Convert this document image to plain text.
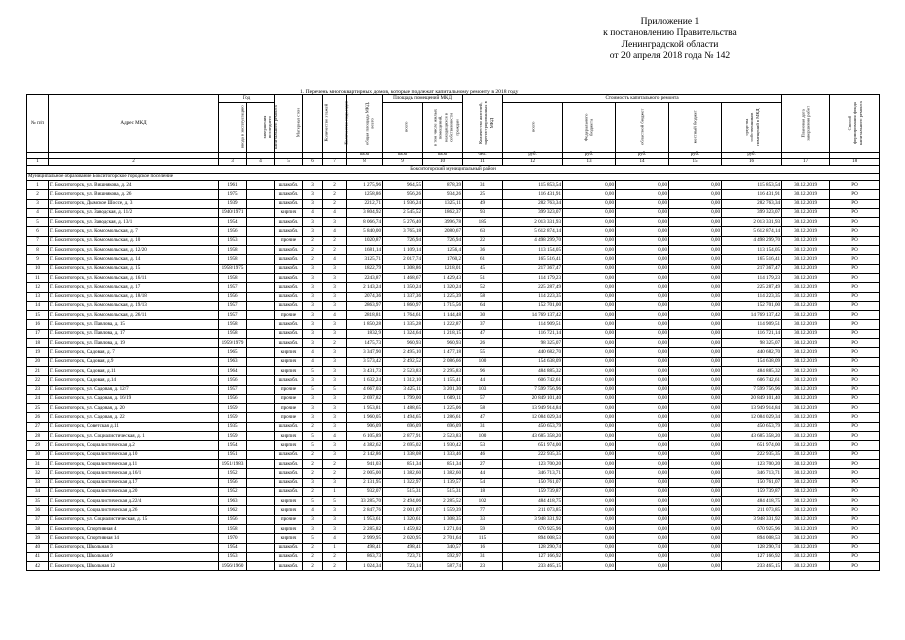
Приложение 1
к постановлению Правительства
Ленинградской области
от 20 апреля 2018 года № 142
1. Перечень многоквартирных домов, которые подлежат капитальному ремонту в 2018 году
№ п/п	Адрес МКД	Год		Материал стен	Количество этажей	Количество подъездов	общая площадь МКД, всего	Площадь помещений МКД		Количество жителей, зарегистрированных в МКД	Стоимость капитального ремонта					Плановая дата завершения работ	Способ формирования фонда капитального ремонта
		ввода в эксплуатацию	завершения последнего капитального ремонта					всего	в том числе жилых помещений, находящихся в собственности граждан		всего	Федерального бюджета	областной бюджет	местный бюджет	средства собственников помещений в МКД		
							кв.м	кв.м	кв.м	чел.	руб.	руб.	руб.	руб.	руб.		
1	2	3	4	5	6	7	8	9	10	11	12	13	14	15	16	17	18
Бокситогорский муниципальный район																	
Муниципальное образование Бокситогорское городское поселение																	
1	Г. Бокситогорск, ул. Вишнякова, д. 24	1961		шлакобл.	3	2	1 275,96	964,55	878,39	31	115 853,54	0,00	0,00	0,00	115 853,54	30.12.2019	РО
2	Г. Бокситогорск, ул. Вишнякова, д. 26	1975		шлакобл.	3	2	1258,86	956,26	934,26	25	116 431,91	0,00	0,00	0,00	116 431,91	30.12.2019	РО
3	Г. Бокситогорск, Дымское Шоссе, д. 3	1939		шлакобл.	3	2	2212,71	1 936,24	1325,11	49	282 763,34	0,00	0,00	0,00	282 763,34	30.12.2019	РО
4	Г. Бокситогорск, ул. Заводская, д. 11/2	1940/1971		кирпич	4	4	3 804,92	2 545,52	1862,37	93	399 323,07	0,00	0,00	0,00	399 323,07	30.12.2019	РО
5	Г. Бокситогорск, ул. Заводская, д. 13/1	1954		шлакобл.	3	3	8 066,74	5 276,40	3996,78	185	2 013 331,93	0,00	0,00	0,00	2 013 331,93	30.12.2019	РО
6	Г. Бокситогорск, ул. Комсомольская, д. 7	1956		шлакобл.	3	4	5 840,00	3 765,18	2080,67	63	5 612 874,14	0,00	0,00	0,00	5 612 874,14	30.12.2019	РО
7	Г. Бокситогорск, ул. Комсомольская, д. 10	1953		прочие	2	2	1020,87	726,94	726,94	22	4 498 299,70	0,00	0,00	0,00	4 498 299,70	30.12.2019	РО
8	Г. Бокситогорск, ул. Комсомольская, д. 12/20	1958		шлакобл.	2	2	1681,14	1 109,14	1256,4	36	113 154,05	0,00	0,00	0,00	113 154,05	30.12.2019	РО
9	Г. Бокситогорск, ул. Комсомольская, д. 14	1958		шлакобл.	2	4	3125,71	2 017,74	1760,2	61	165 516,41	0,00	0,00	0,00	165 516,41	30.12.2019	РО
10	Г. Бокситогорск, ул. Комсомольская, д. 15	1958/1975		шлакобл.	3	3	1822,79	1 308,86	1218,01	45	217 367,47	0,00	0,00	0,00	217 367,47	30.12.2019	РО
11	Г. Бокситогорск, ул. Комсомольская, д. 16/11	1958		шлакобл.	3	3	2243,87	1 468,67	1 429,43	51	114 179,23	0,00	0,00	0,00	114 179,23	30.12.2019	РО
12	Г. Бокситогорск, ул. Комсомольская, д. 17	1957		шлакобл.	3	3	2 143,24	1 350,24	1 320,24	52	225 287,49	0,00	0,00	0,00	225 287,49	30.12.2019	РО
13	Г. Бокситогорск, ул. Комсомольская, д. 18/18	1956		шлакобл.	3	3	2074,36	1 337,36	1 225,39	58	114 223,35	0,00	0,00	0,00	114 223,35	30.12.2019	РО
14	Г. Бокситогорск, ул. Комсомольская, д. 19/13	1957		шлакобл.	3	3	2863,97	1 860,97	1 715,56	64	152 701,00	0,00	0,00	0,00	152 701,00	30.12.2019	РО
15	Г. Бокситогорск, ул. Комсомольская, д. 26/11	1957		прочие	3	4	2818,81	1 764,61	1 144,48	30	14 769 137,42	0,00	0,00	0,00	14 769 137,42	30.12.2019	РО
16	Г. Бокситогорск, ул. Павлова, д. 15	1958		шлакобл.	3	3	1 850,28	1 335,28	1 222,87	37	114 909,51	0,00	0,00	0,00	114 909,51	30.12.2019	РО
17	Г. Бокситогорск, ул. Павлова, д. 17	1958		шлакобл.	3	3	1832,9	1 324,64	1 218,15	47	116 721,14	0,00	0,00	0,00	116 721,14	30.12.2019	РО
18	Г. Бокситогорск, ул. Павлова, д. 19	1959/1979		шлакобл.	3	2	1475,73	960,93	960,93	26	98 325,07	0,00	0,00	0,00	98 325,07	30.12.2019	РО
19	Г. Бокситогорск, Садовая, д. 7	1965		кирпич	4	3	3 347,90	2 495,10	1 477,18	55	440 682,70	0,00	0,00	0,00	440 682,70	30.12.2019	РО
20	Г. Бокситогорск, Садовая, д.9	1963		кирпич	4	3	3 573,42	2 492,52	2 086,66	100	154 638,09	0,00	0,00	0,00	154 638,09	30.12.2019	РО
21	Г. Бокситогорск, Садовая, д.11	1964		кирпич	5	3	3 431,73	2 523,83	2 295,83	96	484 885,32	0,00	0,00	0,00	484 885,32	30.12.2019	РО
22	Г. Бокситогорск, Садовая, д.14	1956		шлакобл.	3	3	1 632,24	1 312,10	1 155,41	44	606 742,61	0,00	0,00	0,00	606 742,61	30.12.2019	РО
23	Г. Бокситогорск, ул. Садовая, д. 12/7	1957		прочие	5	5	4 667,03	3 425,11	3 201,30	103	7 599 756,96	0,00	0,00	0,00	7 599 756,96	30.12.2019	РО
24	Г. Бокситогорск, ул. Садовая, д. 16/19	1956		прочие	3	3	2 697,82	1 799,00	1 609,11	57	20 849 101,40	0,00	0,00	0,00	20 849 101,40	30.12.2019	РО
25	Г. Бокситогорск, ул. Садовая, д. 20	1959		прочие	3	3	1 953,81	1 488,65	1 225,06	58	13 949 914,84	0,00	0,00	0,00	13 949 914,84	30.12.2019	РО
26	Г. Бокситогорск, ул. Садовая, д. 22	1959		прочие	3	3	1 960,05	1 494,65	1 286,61	47	12 084 029,34	0,00	0,00	0,00	12 084 029,34	30.12.2019	РО
27	Г. Бокситогорск, Советская д.11	1935		шлакобл.	2	3	906,09	696,09	696,09	31	450 653,79	0,00	0,00	0,00	450 653,79	30.12.2019	РО
28	Г. Бокситогорск, ул. Социалистическая, д. 1	1959		кирпич	5	4	6 105,89	2 877,91	2 523,83	100	43 685 358,20	0,00	0,00	0,00	43 685 358,20	30.12.2019	РО
29	Г. Бокситогорск, Социалистическая д.2	1954		кирпич	5	3	4 382,62	2 695,02	1 930,42	53	651 974,00	0,00	0,00	0,00	651 974,00	30.12.2019	РО
30	Г. Бокситогорск, Социалистическая д.10	1951		шлакобл.	2	3	2 142,86	1 338,08	1 333,46	46	222 935,35	0,00	0,00	0,00	222 935,35	30.12.2019	РО
31	Г. Бокситогорск, Социалистическая д.11	1951/1983		шлакобл.	2	2	941,03	851,34	851,34	27	123 700,20	0,00	0,00	0,00	123 700,20	30.12.2019	РО
32	Г. Бокситогорск, Социалистическая д.16/1	1952		шлакобл.	2	2	2 005,00	1 382,60	1 382,60	44	346 713,71	0,00	0,00	0,00	346 713,71	30.12.2019	РО
33	Г. Бокситогорск, Социалистическая д.17	1956		шлакобл.	3	3	2 131,95	1 322,97	1 139,57	54	150 761,07	0,00	0,00	0,00	150 761,07	30.12.2019	РО
34	Г. Бокситогорск, Социалистическая д.20	1952		шлакобл.	2	1	932,07	515,31	515,31	18	159 739,87	0,00	0,00	0,00	159 739,87	30.12.2019	РО
35	Г. Бокситогорск, Социалистическая д.22/4	1963		кирпич	5	5	33 285,70	2 494,06	2 285,52	102	484 418,75	0,00	0,00	0,00	484 418,75	30.12.2019	РО
36	Г. Бокситогорск, Социалистическая д.26	1962		кирпич	4	3	2 847,76	2 001,07	1 559,39	77	211 073,85	0,00	0,00	0,00	211 073,85	30.12.2019	РО
37	Г. Бокситогорск, ул. Социалистическая, д. 15	1956		прочие	3	3	1 953,61	1 320,61	1 308,35	33	3 948 331,92	0,00	0,00	0,00	3 948 331,92	30.12.2019	РО
38	Г. Бокситогорск, Спортивная 4	1958		кирпич	3	3	2 285,82	1 459,82	1 271,04	59	670 925,96	0,00	0,00	0,00	670 925,96	30.12.2019	РО
39	Г. Бокситогорск, Спортивная 14	1970		кирпич	5	4	2 999,95	2 020,95	2 701,64	115	894 008,53	0,00	0,00	0,00	894 008,53	30.12.2019	РО
40	Г. Бокситогорск, Школьная 3	1954		шлакобл.	2	1	498,41	498,41	340,57	16	128 290,74	0,00	0,00	0,00	128 290,74	30.12.2019	РО
41	Г. Бокситогорск, Школьная 9	1953		шлакобл.	2	2	863,73	723,71	592,97	31	127 166,92	0,00	0,00	0,00	127 166,92	30.12.2019	РО
42	Г. Бокситогорск, Школьная 12	1956/1960		шлакобл.	2	2	1 024,34	723,14	587,74	23	233 465,15	0,00	0,00	0,00	233 465,15	30.12.2019	РО
